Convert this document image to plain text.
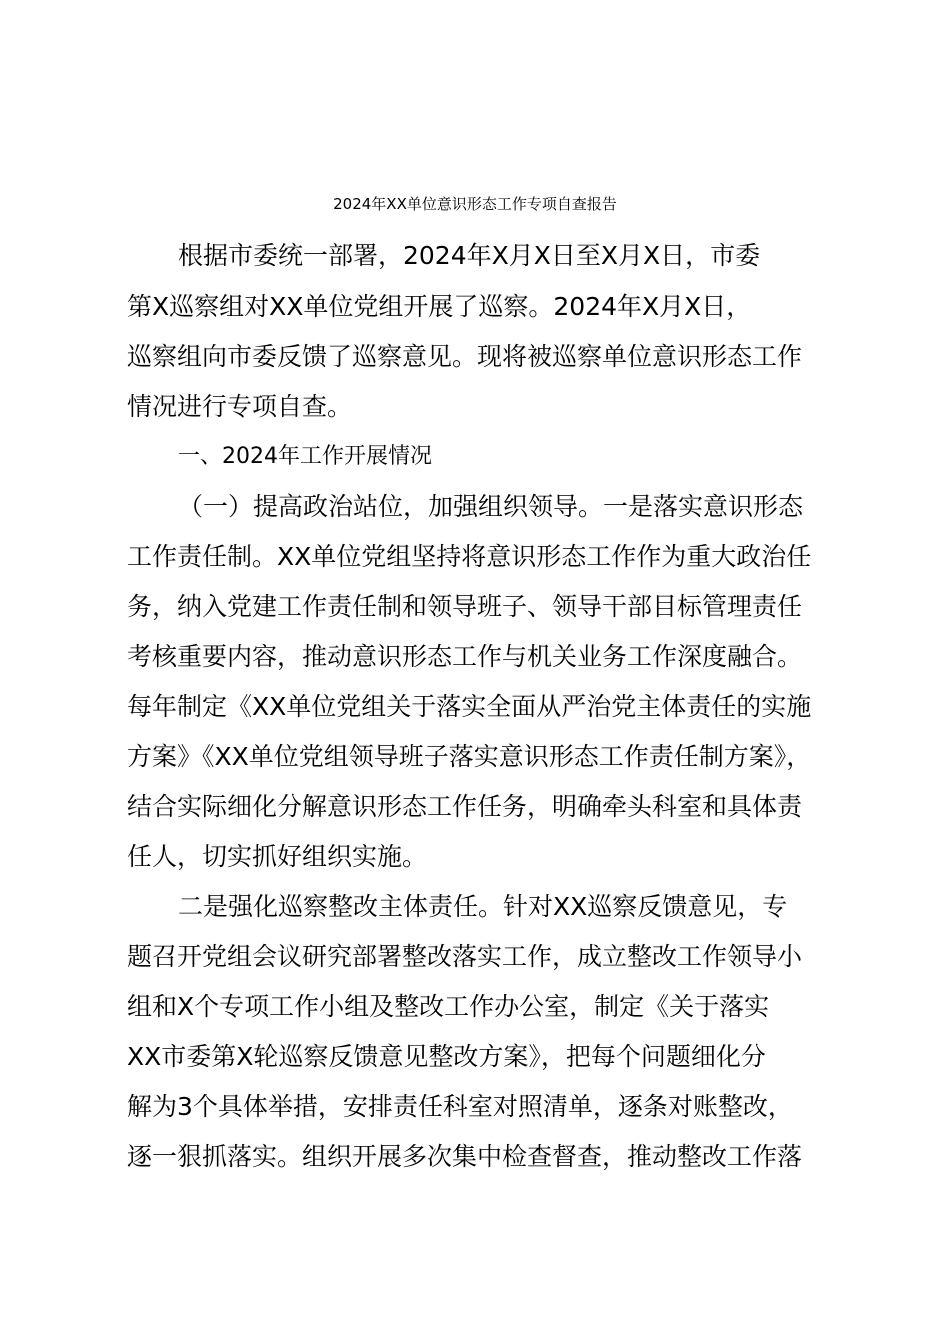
2024年XX单位意识形态工作专项自查报告
根据市委统一部署，2024年X月X日至X月X日，市委
第X巡察组对XX单位党组开展了巡察。2024年X月X日，
巡察组向市委反馈了巡察意见。现将被巡察单位意识形态工作
情况进行专项自查。
一、2024年工作开展情况
（一）提高政治站位，加强组织领导。一是落实意识形态
工作责任制。XX单位党组坚持将意识形态工作作为重大政治任
务，纳入党建工作责任制和领导班子、领导干部目标管理责任
考核重要内容，推动意识形态工作与机关业务工作深度融合。
每年制定《XX单位党组关于落实全面从严治党主体责任的实施
方案》《XX单位党组领导班子落实意识形态工作责任制方案》，
结合实际细化分解意识形态工作任务，明确牵头科室和具体责
任人，切实抓好组织实施。
二是强化巡察整改主体责任。针对XX巡察反馈意见，专
题召开党组会议研究部署整改落实工作，成立整改工作领导小
组和X个专项工作小组及整改工作办公室，制定《关于落实
XX市委第X轮巡察反馈意见整改方案》，把每个问题细化分
解为3个具体举措，安排责任科室对照清单，逐条对账整改，
逐一狠抓落实。组织开展多次集中检查督查，推动整改工作落
